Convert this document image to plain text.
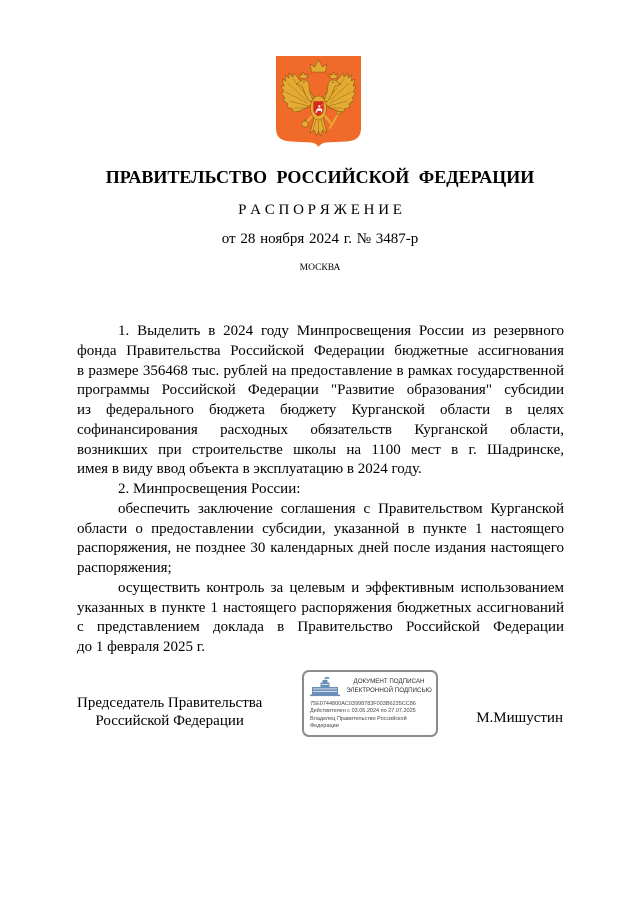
ПРАВИТЕЛЬСТВО РОССИЙСКОЙ ФЕДЕРАЦИИ
Р А С П О Р Я Ж Е Н И Е
от 28 ноября 2024 г. № 3487-р
МОСКВА
1. Выделить в 2024 году Минпросвещения России из резервного
фонда Правительства Российской Федерации бюджетные ассигнования
в размере 356468 тыс. рублей на предоставление в рамках государственной
программы Российской Федерации "Развитие образования" субсидии
из федерального бюджета бюджету Курганской области в целях
софинансирования расходных обязательств Курганской области,
возникших при строительстве школы на 1100 мест в г. Шадринске,
имея в виду ввод объекта в эксплуатацию в 2024 году.
2. Минпросвещения России:
обеспечить заключение соглашения с Правительством Курганской
области о предоставлении субсидии, указанной в пункте 1 настоящего
распоряжения, не позднее 30 календарных дней после издания настоящего
распоряжения;
осуществить контроль за целевым и эффективным использованием
указанных в пункте 1 настоящего распоряжения бюджетных ассигнований
с представлением доклада в Правительство Российской Федерации
до 1 февраля 2025 г.
Председатель Правительства
Российской Федерации	М.Мишустин
ДОКУМЕНТ ПОДПИСАН
ЭЛЕКТРОННОЙ ПОДПИСЬЮ
75E0744800AC03998783F003B6235CC86
Действителен с 03.05.2024 по 27.07.2025
Владелец Правительство Российской
Федерации
